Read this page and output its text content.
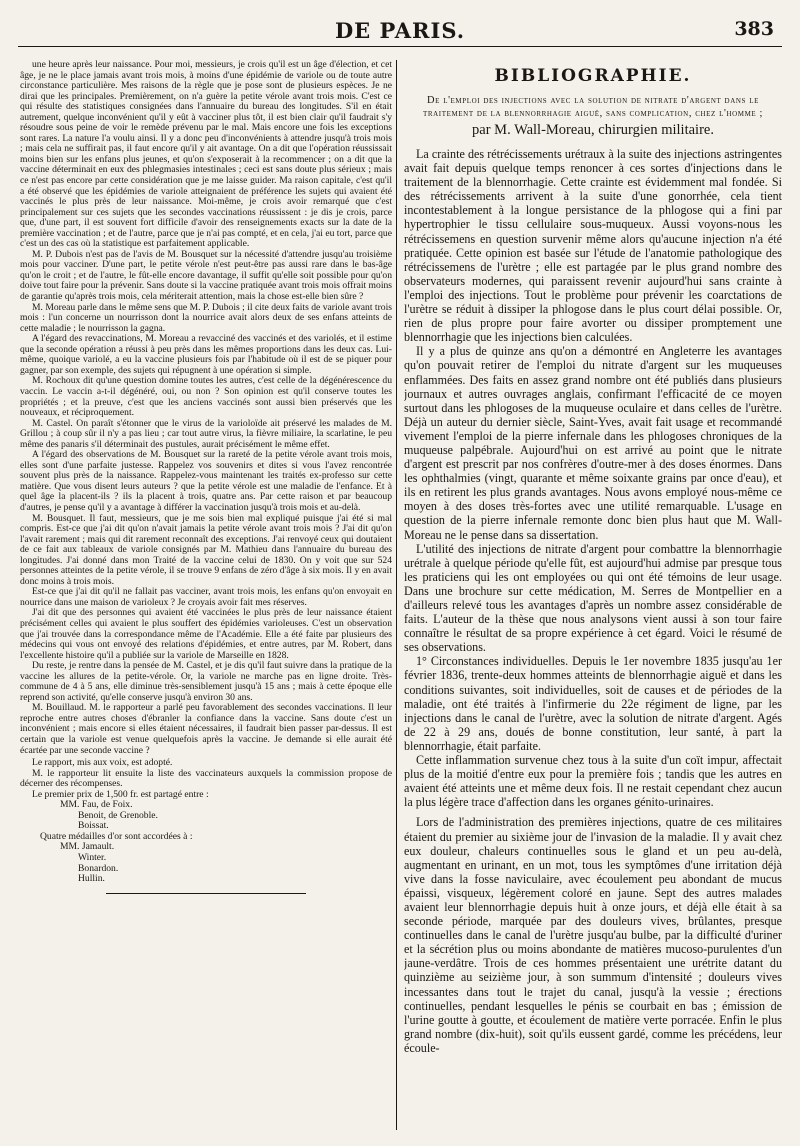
DE PARIS.	383

une heure après leur naissance. Pour moi, messieurs, je crois qu'il est un âge d'élection, et cet âge, je ne le place jamais avant trois mois, à moins d'une épidémie de variole ou de toute autre circonstance particulière. Mes raisons de la règle que je pose sont de plusieurs espèces. Je ne dirai que les principales. Premièrement, on n'a guère la petite vérole avant trois mois. C'est ce qui résulte des statistiques consignées dans l'annuaire du bureau des longitudes. S'il en était autrement, quelque inconvénient qu'il y eût à vacciner plus tôt, il est bien clair qu'il faudrait s'y résoudre sous peine de voir le remède prévenu par le mal. Mais encore une fois les exceptions sont rares. La nature l'a voulu ainsi. Il y a donc peu d'inconvénients à attendre jusqu'à trois mois ; mais cela ne suffirait pas, il faut encore qu'il y ait avantage. On a dit que l'opération réussissait moins bien sur les enfans plus jeunes, et qu'on s'exposerait à la recommencer ; on a dit que la vaccine déterminait en eux des phlegmasies intestinales ; ceci est sans doute plus sérieux ; mais ce n'est pas encore par cette considération que je me laisse guider. Ma raison capitale, c'est qu'il a été observé que les épidémies de variole atteignaient de préférence les sujets qui avaient été vaccinés le plus près de leur naissance. Moi-même, je crois avoir remarqué que c'est principalement sur ces sujets que les secondes vaccinations réussissent : je dis je crois, parce que, d'une part, il est souvent fort difficile d'avoir des renseignements exacts sur la date de la première vaccination ; et de l'autre, parce que je n'ai pas compté, et en cela, j'ai eu tort, parce que c'est un des cas où la statistique est parfaitement applicable.

M. P. Dubois n'est pas de l'avis de M. Bousquet sur la nécessité d'attendre jusqu'au troisième mois pour vacciner. D'une part, le petite vérole n'est peut-être pas aussi rare dans le bas-âge qu'on le croit ; et de l'autre, le fût-elle encore davantage, il suffit qu'elle soit possible pour qu'on doive tout faire pour la prévenir. Sans doute si la vaccine pratiquée avant trois mois offrait moins de garantie qu'après trois mois, cela mériterait attention, mais la chose est-elle bien sûre ?

M. Moreau parle dans le même sens que M. P. Dubois ; il cite deux faits de variole avant trois mois : l'un concerne un nourrisson dont la nourrice avait alors deux de ses enfans atteints de cette maladie ; le nourrisson la gagna.

A l'égard des revaccinations, M. Moreau a revacciné des vaccinés et des variolés, et il estime que la seconde opération a réussi à peu près dans les mêmes proportions dans les deux cas. Lui-même, quoique variolé, a eu la vaccine plusieurs fois par l'habitude où il est de se piquer pour gagner, par son exemple, des sujets qui répugnent à une opération si simple.

M. Rochoux dit qu'une question domine toutes les autres, c'est celle de la dégénérescence du vaccin. Le vaccin a-t-il dégénéré, oui, ou non ? Son opinion est qu'il conserve toutes les propriétés ; et la preuve, c'est que les anciens vaccinés sont aussi bien préservés que les nouveaux, et réciproquement.

M. Castel. On paraît s'étonner que le virus de la varioloïde ait préservé les malades de M. Grillou ; à coup sûr il n'y a pas lieu ; car tout autre virus, la fièvre miliaire, la scarlatine, le peu même des panaris s'il déterminait des pustules, aurait précisément le même effet.

A l'égard des observations de M. Bousquet sur la rareté de la petite vérole avant trois mois, elles sont d'une parfaite justesse. Rappelez vos souvenirs et dites si vous l'avez rencontrée souvent plus près de la naissance. Rappelez-vous maintenant les traités ex-professo sur cette matière. Que vous disent leurs auteurs ? que la petite vérole est une maladie de l'enfance. Et à quel âge la placent-ils ? ils la placent à trois, quatre ans. Par cette raison et par beaucoup d'autres, je pense qu'il y a avantage à différer la vaccination jusqu'à trois mois et au-delà.

M. Bousquet. Il faut, messieurs, que je me sois bien mal expliqué puisque j'ai été si mal compris. Est-ce que j'ai dit qu'on n'avait jamais la petite vérole avant trois mois ? J'ai dit qu'on l'avait rarement ; mais qui dit rarement reconnaît des exceptions. J'ai renvoyé ceux qui doutaient de ce fait aux tableaux de variole consignés par M. Mathieu dans l'annuaire du bureau des longitudes. J'ai donné dans mon Traité de la vaccine celui de 1830. On y voit que sur 524 personnes atteintes de la petite vérole, il se trouve 9 enfans de zéro d'âge à six mois. Il y en avait donc moins à trois mois.

Est-ce que j'ai dit qu'il ne fallait pas vacciner, avant trois mois, les enfans qu'on envoyait en nourrice dans une maison de varioleux ? Je croyais avoir fait mes réserves.

J'ai dit que des personnes qui avaient été vaccinées le plus près de leur naissance étaient précisément celles qui avaient le plus souffert des épidémies varioleuses. C'est un observation que j'ai trouvée dans la correspondance même de l'Académie. Elle a été faite par plusieurs des médecins qui vous ont envoyé des relations d'épidémies, et entre autres, par M. Robert, dans l'excellente histoire qu'il a publiée sur la variole de Marseille en 1828.

Du reste, je rentre dans la pensée de M. Castel, et je dis qu'il faut suivre dans la pratique de la vaccine les allures de la petite-vérole. Or, la variole ne marche pas en ligne droite. Très-commune de 4 à 5 ans, elle diminue très-sensiblement jusqu'à 15 ans ; mais à cette époque elle reprend son activité, qu'elle conserve jusqu'à environ 30 ans.

M. Bouillaud. M. le rapporteur a parlé peu favorablement des secondes vaccinations. Il leur reproche entre autres choses d'ébranler la confiance dans la vaccine. Sans doute c'est un inconvénient ; mais encore si elles étaient nécessaires, il faudrait bien passer par-dessus. Il est certain que la variole est venue quelquefois après la vaccine. Je demande si elle aurait été écartée par une seconde vaccine ?

Le rapport, mis aux voix, est adopté.

M. le rapporteur lit ensuite la liste des vaccinateurs auxquels la commission propose de décerner des récompenses.

Le premier prix de 1,500 fr. est partagé entre :

MM. Fau, de Foix.
Benoit, de Grenoble.
Boissat.

Quatre médailles d'or sont accordées à :

MM. Jamault.
Winter.
Bonardon.
Hullin.

BIBLIOGRAPHIE.
De l'emploi des injections avec la solution de nitrate d'argent dans le traitement de la blennorrhagie aiguë, sans complication, chez l'homme ;
par M. Wall-Moreau, chirurgien militaire.

La crainte des rétrécissements urétraux à la suite des injections astringentes avait fait depuis quelque temps renoncer à ces sortes d'injections dans le traitement de la blennorrhagie. Cette crainte est évidemment mal fondée. Si des rétrécissements arrivent à la suite d'une gonorrhée, cela tient incontestablement à la longue persistance de la phlogose qui a fini par hypertrophier le tissu cellulaire sous-muqueux. Aussi voyons-nous les rétrécissemens en question survenir même alors qu'aucune injection n'a été pratiquée. Cette opinion est basée sur l'étude de l'anatomie pathologique des rétrécissemens de l'urètre ; elle est partagée par le plus grand nombre des observateurs modernes, qui paraissent revenir aujourd'hui sans crainte à l'emploi des injections. Tout le problème pour prévenir les coarctations de l'urètre se réduit à dissiper la phlogose dans le plus court délai possible. Or, rien de plus propre pour faire avorter ou dissiper promptement une blennorrhagie que les injections bien calculées.

Il y a plus de quinze ans qu'on a démontré en Angleterre les avantages qu'on pouvait retirer de l'emploi du nitrate d'argent sur les muqueuses enflammées. Des faits en assez grand nombre ont été publiés dans plusieurs journaux et autres ouvrages anglais, confirmant l'efficacité de ce moyen surtout dans les phlogoses de la muqueuse oculaire et dans celles de l'urètre. Déjà un auteur du dernier siècle, Saint-Yves, avait fait usage et recommandé vivement l'emploi de la pierre infernale dans les phlogoses chroniques de la muqueuse palpébrale. Aujourd'hui on est arrivé au point que le nitrate d'argent est prescrit par nos confrères d'outre-mer à des doses énormes. Dans les ophthalmies (vingt, quarante et même soixante grains par once d'eau), et ils en retirent les plus grands avantages. Nous avons employé nous-même ce moyen à des doses très-fortes avec une utilité remarquable. L'usage en question de la pierre infernale remonte donc bien plus haut que M. Wall-Moreau ne le pense dans sa dissertation.

L'utilité des injections de nitrate d'argent pour combattre la blennorrhagie urétrale à quelque période qu'elle fût, est aujourd'hui admise par presque tous les praticiens qui les ont employées ou qui ont été témoins de leur usage. Dans une brochure sur cette médication, M. Serres de Montpellier en a d'ailleurs relevé tous les avantages d'après un nombre assez considérable de faits. L'auteur de la thèse que nous analysons vient aussi à son tour faire connaître le résultat de sa propre expérience à cet égard. Voici le résumé de ses observations.

1° Circonstances individuelles. Depuis le 1er novembre 1835 jusqu'au 1er février 1836, trente-deux hommes atteints de blennorrhagie aiguë et dans les conditions suivantes, soit individuelles, soit de causes et de périodes de la maladie, ont été traités à l'infirmerie du 22e régiment de ligne, par les injections dans le canal de l'urètre, avec la solution de nitrate d'argent. Agés de 22 à 29 ans, doués de bonne constitution, leur santé, à part la blennorrhagie, était parfaite.

Cette inflammation survenue chez tous à la suite d'un coït impur, affectait plus de la moitié d'entre eux pour la première fois ; tandis que les autres en avaient été atteints une et même deux fois. Il ne restait cependant chez aucun la plus légère trace d'affection dans les organes génito-urinaires.

Lors de l'administration des premières injections, quatre de ces militaires étaient du premier au sixième jour de l'invasion de la maladie. Il y avait chez eux douleur, chaleurs continuelles sous le gland et un peu au-delà, augmentant en urinant, en un mot, tous les symptômes d'une irritation déjà vive dans la fosse naviculaire, avec écoulement peu abondant de mucus épaissi, visqueux, légèrement coloré en jaune. Sept des autres malades avaient leur blennorrhagie depuis huit à onze jours, et déjà elle était à sa seconde période, marquée par des douleurs vives, brûlantes, presque continuelles dans le canal de l'urètre jusqu'au bulbe, par la difficulté d'uriner et la sécrétion plus ou moins abondante de matières mucoso-purulentes d'un jaune-verdâtre. Trois de ces hommes présentaient une urétrite datant du quinzième au seizième jour, à son summum d'intensité ; douleurs vives incessantes dans tout le trajet du canal, jusqu'à la vessie ; érections continuelles, pendant lesquelles le pénis se courbait en bas ; émission de l'urine goutte à goutte, et écoulement de matière verte porracée. Enfin le plus grand nombre (dix-huit), soit qu'ils eussent gardé, comme les précédens, leur écoule-
